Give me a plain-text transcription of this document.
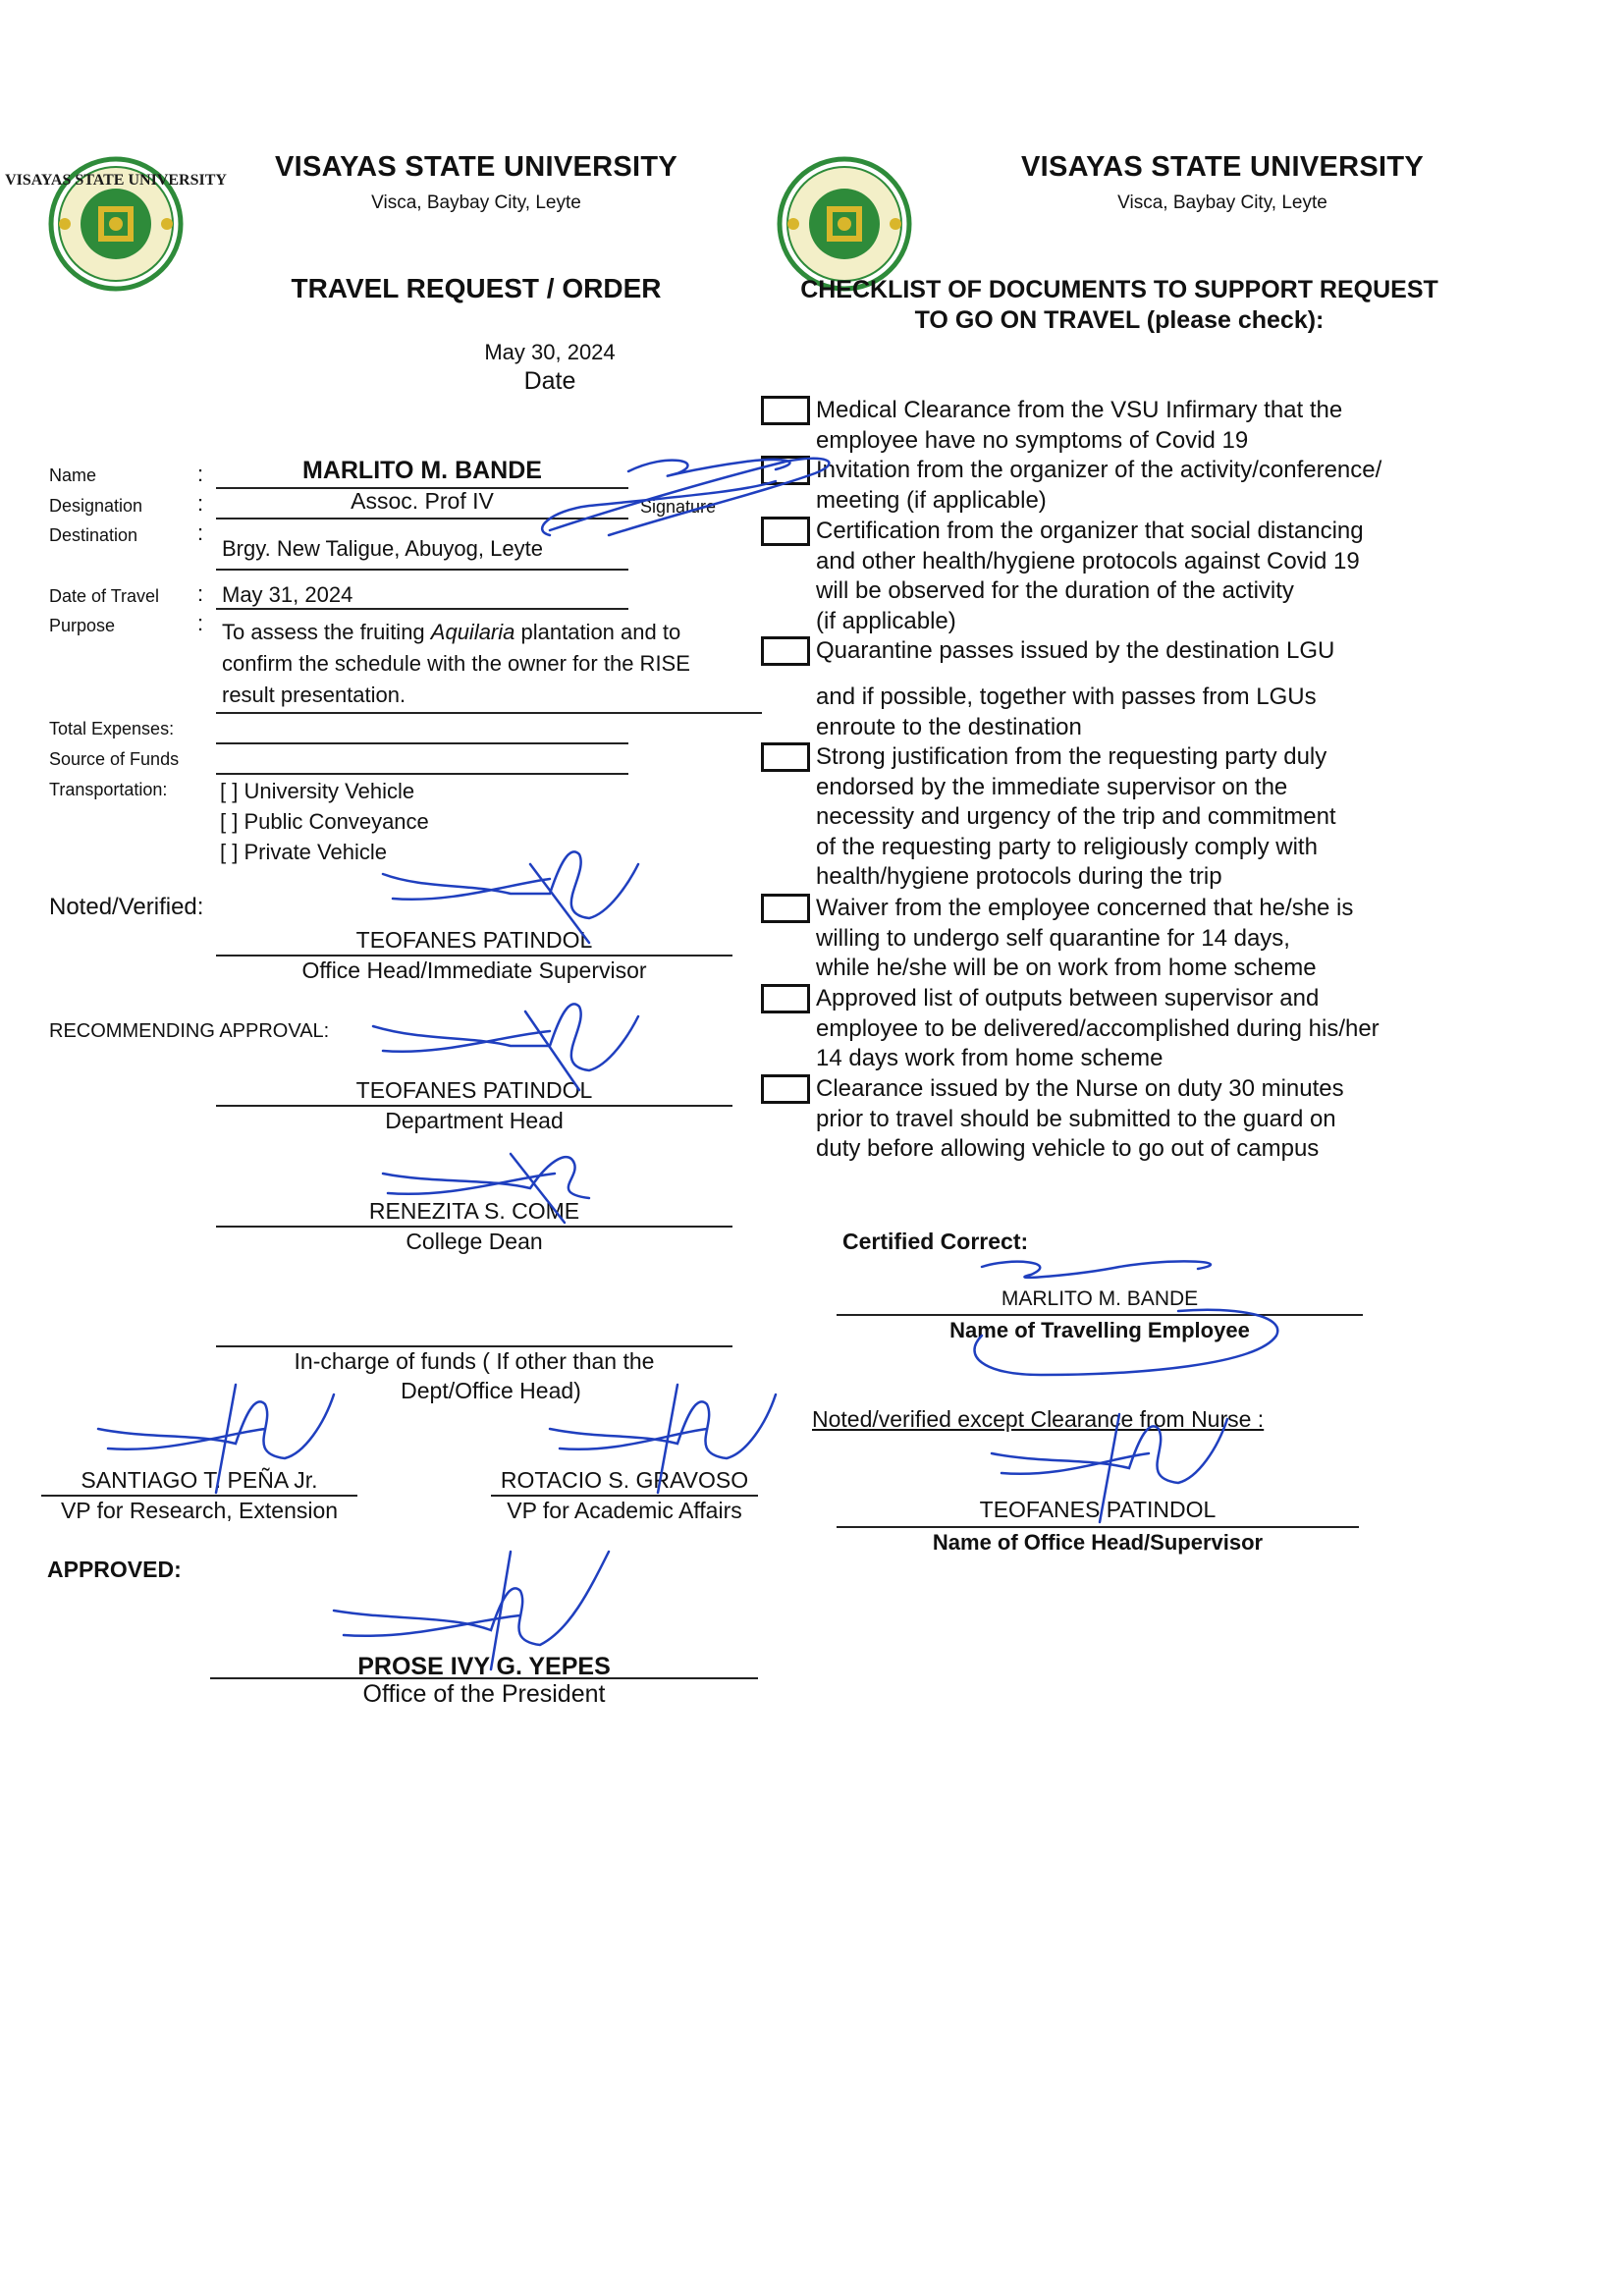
VISAYAS STATE UNIVERSITY	VISAYAS STATE UNIVERSITY
Visca, Baybay City, Leyte
TRAVEL REQUEST / ORDER
May 30, 2024
Date
VISAYAS STATE UNIVERSITY
Visca, Baybay City, Leyte
CHECKLIST OF DOCUMENTS TO SUPPORT REQUEST
TO GO ON TRAVEL (please check):
Name	:	MARLITO M. BANDE
Designation	:	Assoc. Prof IV	Signature
Destination	:
Brgy. New Taligue, Abuyog, Leyte
Date of Travel : May 31, 2024
Purpose	: To assess the fruiting Aquilaria plantation and to
confirm the schedule with the owner for the RISE
result presentation.
Total Expenses:
Source of Funds
Transportation: [ ] University Vehicle
[ ] Public Conveyance
[ ] Private Vehicle
Noted/Verified:
TEOFANES PATINDOL
Office Head/Immediate Supervisor
RECOMMENDING APPROVAL:
TEOFANES PATINDOL
Department Head
RENEZITA S. COME
College Dean
In-charge of funds ( If other than the
Dept/Office Head)
SANTIAGO T. PEÑA Jr.
VP for Research, Extension
ROTACIO S. GRAVOSO
VP for Academic Affairs
APPROVED:
PROSE IVY G. YEPES
Office of the President
Medical Clearance from the VSU Infirmary that the
employee have no symptoms of Covid 19
Invitation from the organizer of the activity/conference/
meeting (if applicable)
Certification from the organizer that social distancing
and other health/hygiene protocols against Covid 19
will be observed for the duration of the activity
(if applicable)
Quarantine passes issued by the destination LGU
and if possible, together with passes from LGUs
enroute to the destination
Strong justification from the requesting party duly
endorsed by the immediate supervisor on the
necessity and urgency of the trip and commitment
of the requesting party to religiously comply with
health/hygiene protocols during the trip
Waiver from the employee concerned that he/she is
willing to undergo self quarantine for 14 days,
while he/she will be on work from home scheme
Approved list of outputs between supervisor and
employee to be delivered/accomplished during his/her
14 days work from home scheme
Clearance issued by the Nurse on duty 30 minutes
prior to travel should be submitted to the guard on
duty before allowing vehicle to go out of campus
Certified Correct:
MARLITO M. BANDE
Name of Travelling Employee
Noted/verified except Clearance from Nurse :
TEOFANES PATINDOL
Name of Office Head/Supervisor
